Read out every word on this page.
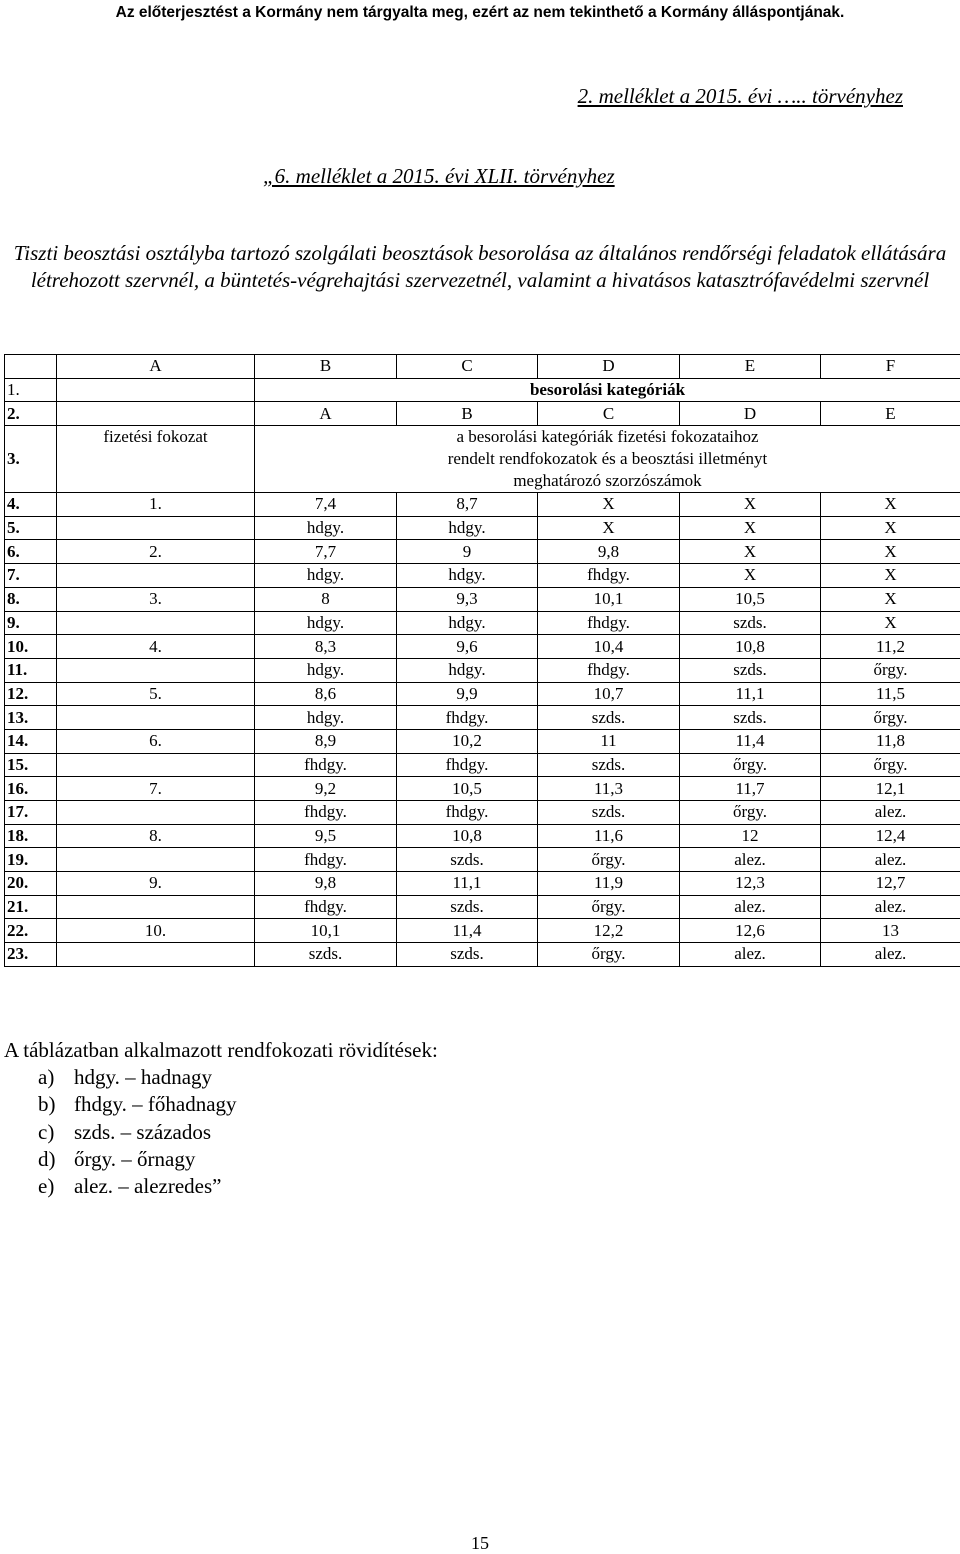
Az előterjesztést a Kormány nem tárgyalta meg, ezért az nem tekinthető a Kormány álláspontjának.
2. melléklet a 2015. évi ….. törvényhez
„6. melléklet a 2015. évi XLII. törvényhez
Tiszti beosztási osztályba tartozó szolgálati beosztások besorolása az általános rendőrségi feladatok ellátására létrehozott szervnél, a büntetés-végrehajtási szervezetnél, valamint a hivatásos katasztrófavédelmi szervnél
	A	B	C	D	E	F
1.		besorolási kategóriák				
2.		A	B	C	D	E
3.	fizetési fokozat	a besorolási kategóriák fizetési fokozataihoz
rendelt rendfokozatok és a beosztási illetményt
meghatározó szorzószámok				

4.	1.	7,4	8,7	X	X	X
5.		hdgy.	hdgy.	X	X	X
6.	2.	7,7	9	9,8	X	X
7.		hdgy.	hdgy.	fhdgy.	X	X
8.	3.	8	9,3	10,1	10,5	X
9.		hdgy.	hdgy.	fhdgy.	szds.	X
10.	4.	8,3	9,6	10,4	10,8	11,2
11.		hdgy.	hdgy.	fhdgy.	szds.	őrgy.
12.	5.	8,6	9,9	10,7	11,1	11,5
13.		hdgy.	fhdgy.	szds.	szds.	őrgy.
14.	6.	8,9	10,2	11	11,4	11,8
15.		fhdgy.	fhdgy.	szds.	őrgy.	őrgy.
16.	7.	9,2	10,5	11,3	11,7	12,1
17.		fhdgy.	fhdgy.	szds.	őrgy.	alez.
18.	8.	9,5	10,8	11,6	12	12,4
19.		fhdgy.	szds.	őrgy.	alez.	alez.
20.	9.	9,8	11,1	11,9	12,3	12,7
21.		fhdgy.	szds.	őrgy.	alez.	alez.
22.	10.	10,1	11,4	12,2	12,6	13
23.		szds.	szds.	őrgy.	alez.	alez.
A táblázatban alkalmazott rendfokozati rövidítések:
a) hdgy. – hadnagy
b) fhdgy. – főhadnagy
c) szds. – százados
d) őrgy. – őrnagy
e) alez. – alezredes”
15
